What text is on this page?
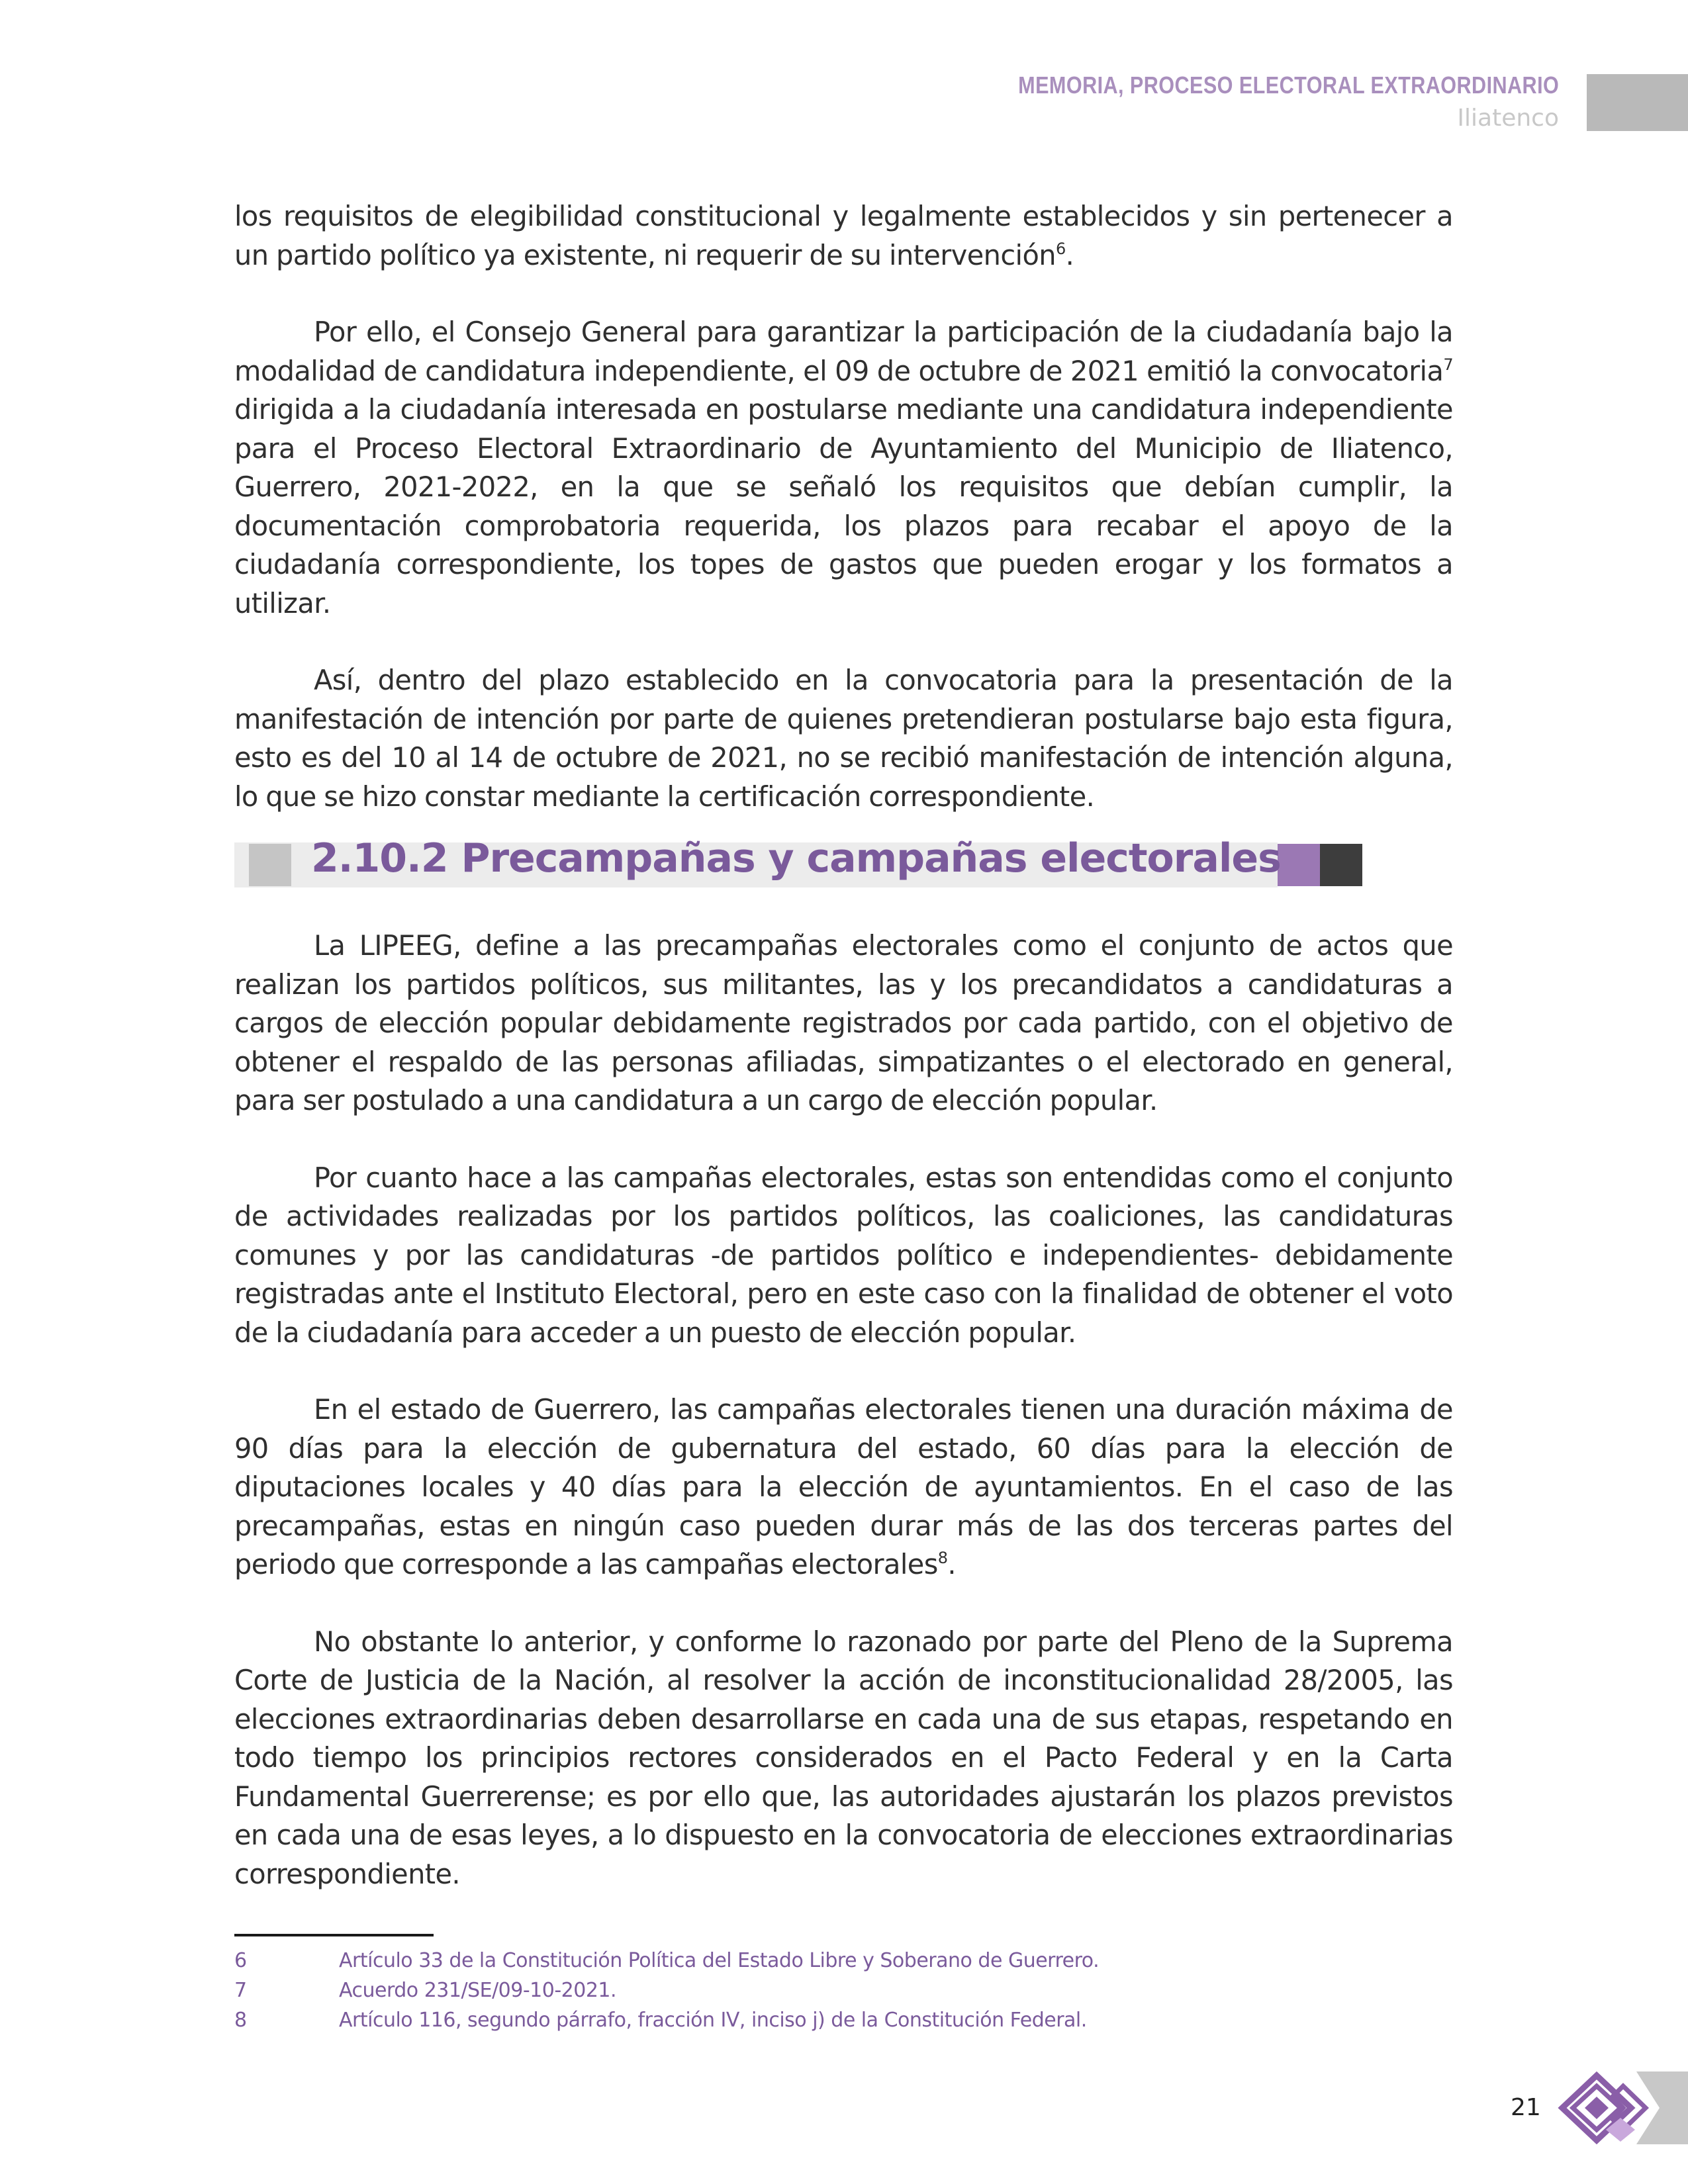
MEMORIA, PROCESO ELECTORAL EXTRAORDINARIO
Iliatenco

los requisitos de elegibilidad constitucional y legalmente establecidos y sin pertenecer a un partido político ya existente, ni requerir de su intervención$^6$.

Por ello, el Consejo General para garantizar la participación de la ciudadanía bajo la modalidad de candidatura independiente, el 09 de octubre de 2021 emitió la convocatoria$^7$ dirigida a la ciudadanía interesada en postularse mediante una candidatura independiente para el Proceso Electoral Extraordinario de Ayuntamiento del Municipio de Iliatenco, Guerrero, 2021-2022, en la que se señaló los requisitos que debían cumplir, la documentación comprobatoria requerida, los plazos para recabar el apoyo de la ciudadanía correspondiente, los topes de gastos que pueden erogar y los formatos a utilizar.

Así, dentro del plazo establecido en la convocatoria para la presentación de la manifestación de intención por parte de quienes pretendieran postularse bajo esta figura, esto es del 10 al 14 de octubre de 2021, no se recibió manifestación de intención alguna, lo que se hizo constar mediante la certificación correspondiente.

2.10.2 Precampañas y campañas electorales

La LIPEEG, define a las precampañas electorales como el conjunto de actos que realizan los partidos políticos, sus militantes, las y los precandidatos a candidaturas a cargos de elección popular debidamente registrados por cada partido, con el objetivo de obtener el respaldo de las personas afiliadas, simpatizantes o el electorado en general, para ser postulado a una candidatura a un cargo de elección popular.

Por cuanto hace a las campañas electorales, estas son entendidas como el conjunto de actividades realizadas por los partidos políticos, las coaliciones, las candidaturas comunes y por las candidaturas -de partidos político e independientes- debidamente registradas ante el Instituto Electoral, pero en este caso con la finalidad de obtener el voto de la ciudadanía para acceder a un puesto de elección popular.

En el estado de Guerrero, las campañas electorales tienen una duración máxima de 90 días para la elección de gubernatura del estado, 60 días para la elección de diputaciones locales y 40 días para la elección de ayuntamientos. En el caso de las precampañas, estas en ningún caso pueden durar más de las dos terceras partes del periodo que corresponde a las campañas electorales$^8$.

No obstante lo anterior, y conforme lo razonado por parte del Pleno de la Suprema Corte de Justicia de la Nación, al resolver la acción de inconstitucionalidad 28/2005, las elecciones extraordinarias deben desarrollarse en cada una de sus etapas, respetando en todo tiempo los principios rectores considerados en el Pacto Federal y en la Carta Fundamental Guerrerense; es por ello que, las autoridades ajustarán los plazos previstos en cada una de esas leyes, a lo dispuesto en la convocatoria de elecciones extraordinarias correspondiente.

6	Artículo 33 de la Constitución Política del Estado Libre y Soberano de Guerrero.
7	Acuerdo 231/SE/09-10-2021.
8	Artículo 116, segundo párrafo, fracción IV, inciso j) de la Constitución Federal.
21
